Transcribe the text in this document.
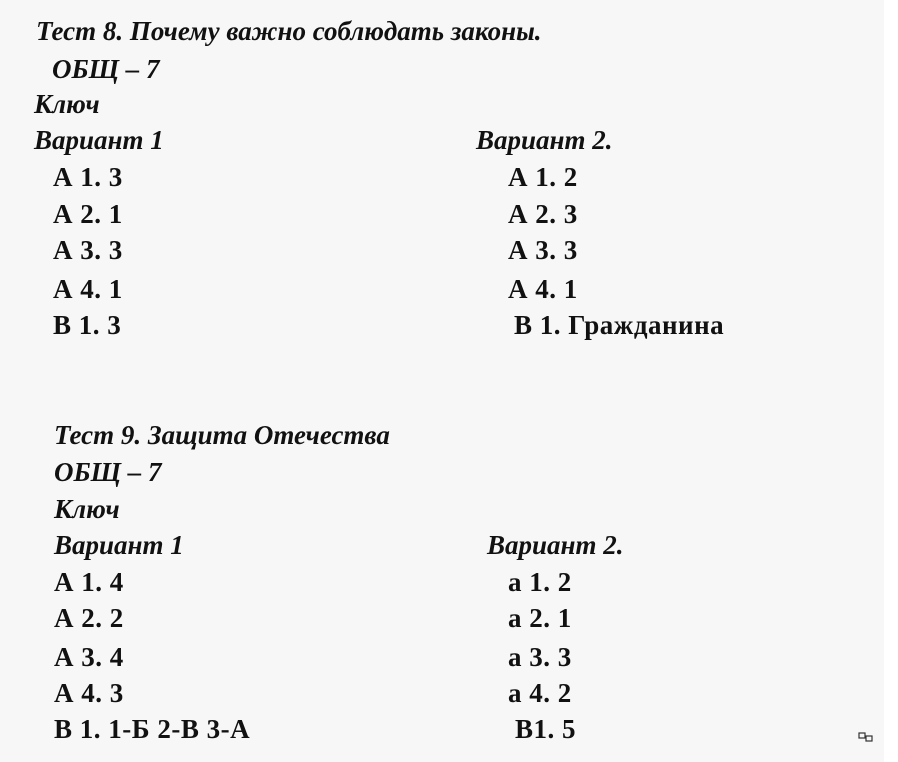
Тест 8. Почему важно соблюдать законы.
ОБЩ – 7
Ключ
Вариант 1	Вариант 2.
А 1. 3
А 2. 1
А 3. 3
А 4. 1
В 1. 3
А 1. 2
А 2. 3
А 3. 3
А 4. 1
В 1. Гражданина
Тест 9. Защита Отечества
ОБЩ – 7
Ключ
Вариант 1	Вариант 2.
А 1. 4
А 2. 2
А 3. 4
А 4. 3
В 1. 1-Б 2-В 3-А
а 1. 2
а 2. 1
а 3. 3
а 4. 2
В1. 5
